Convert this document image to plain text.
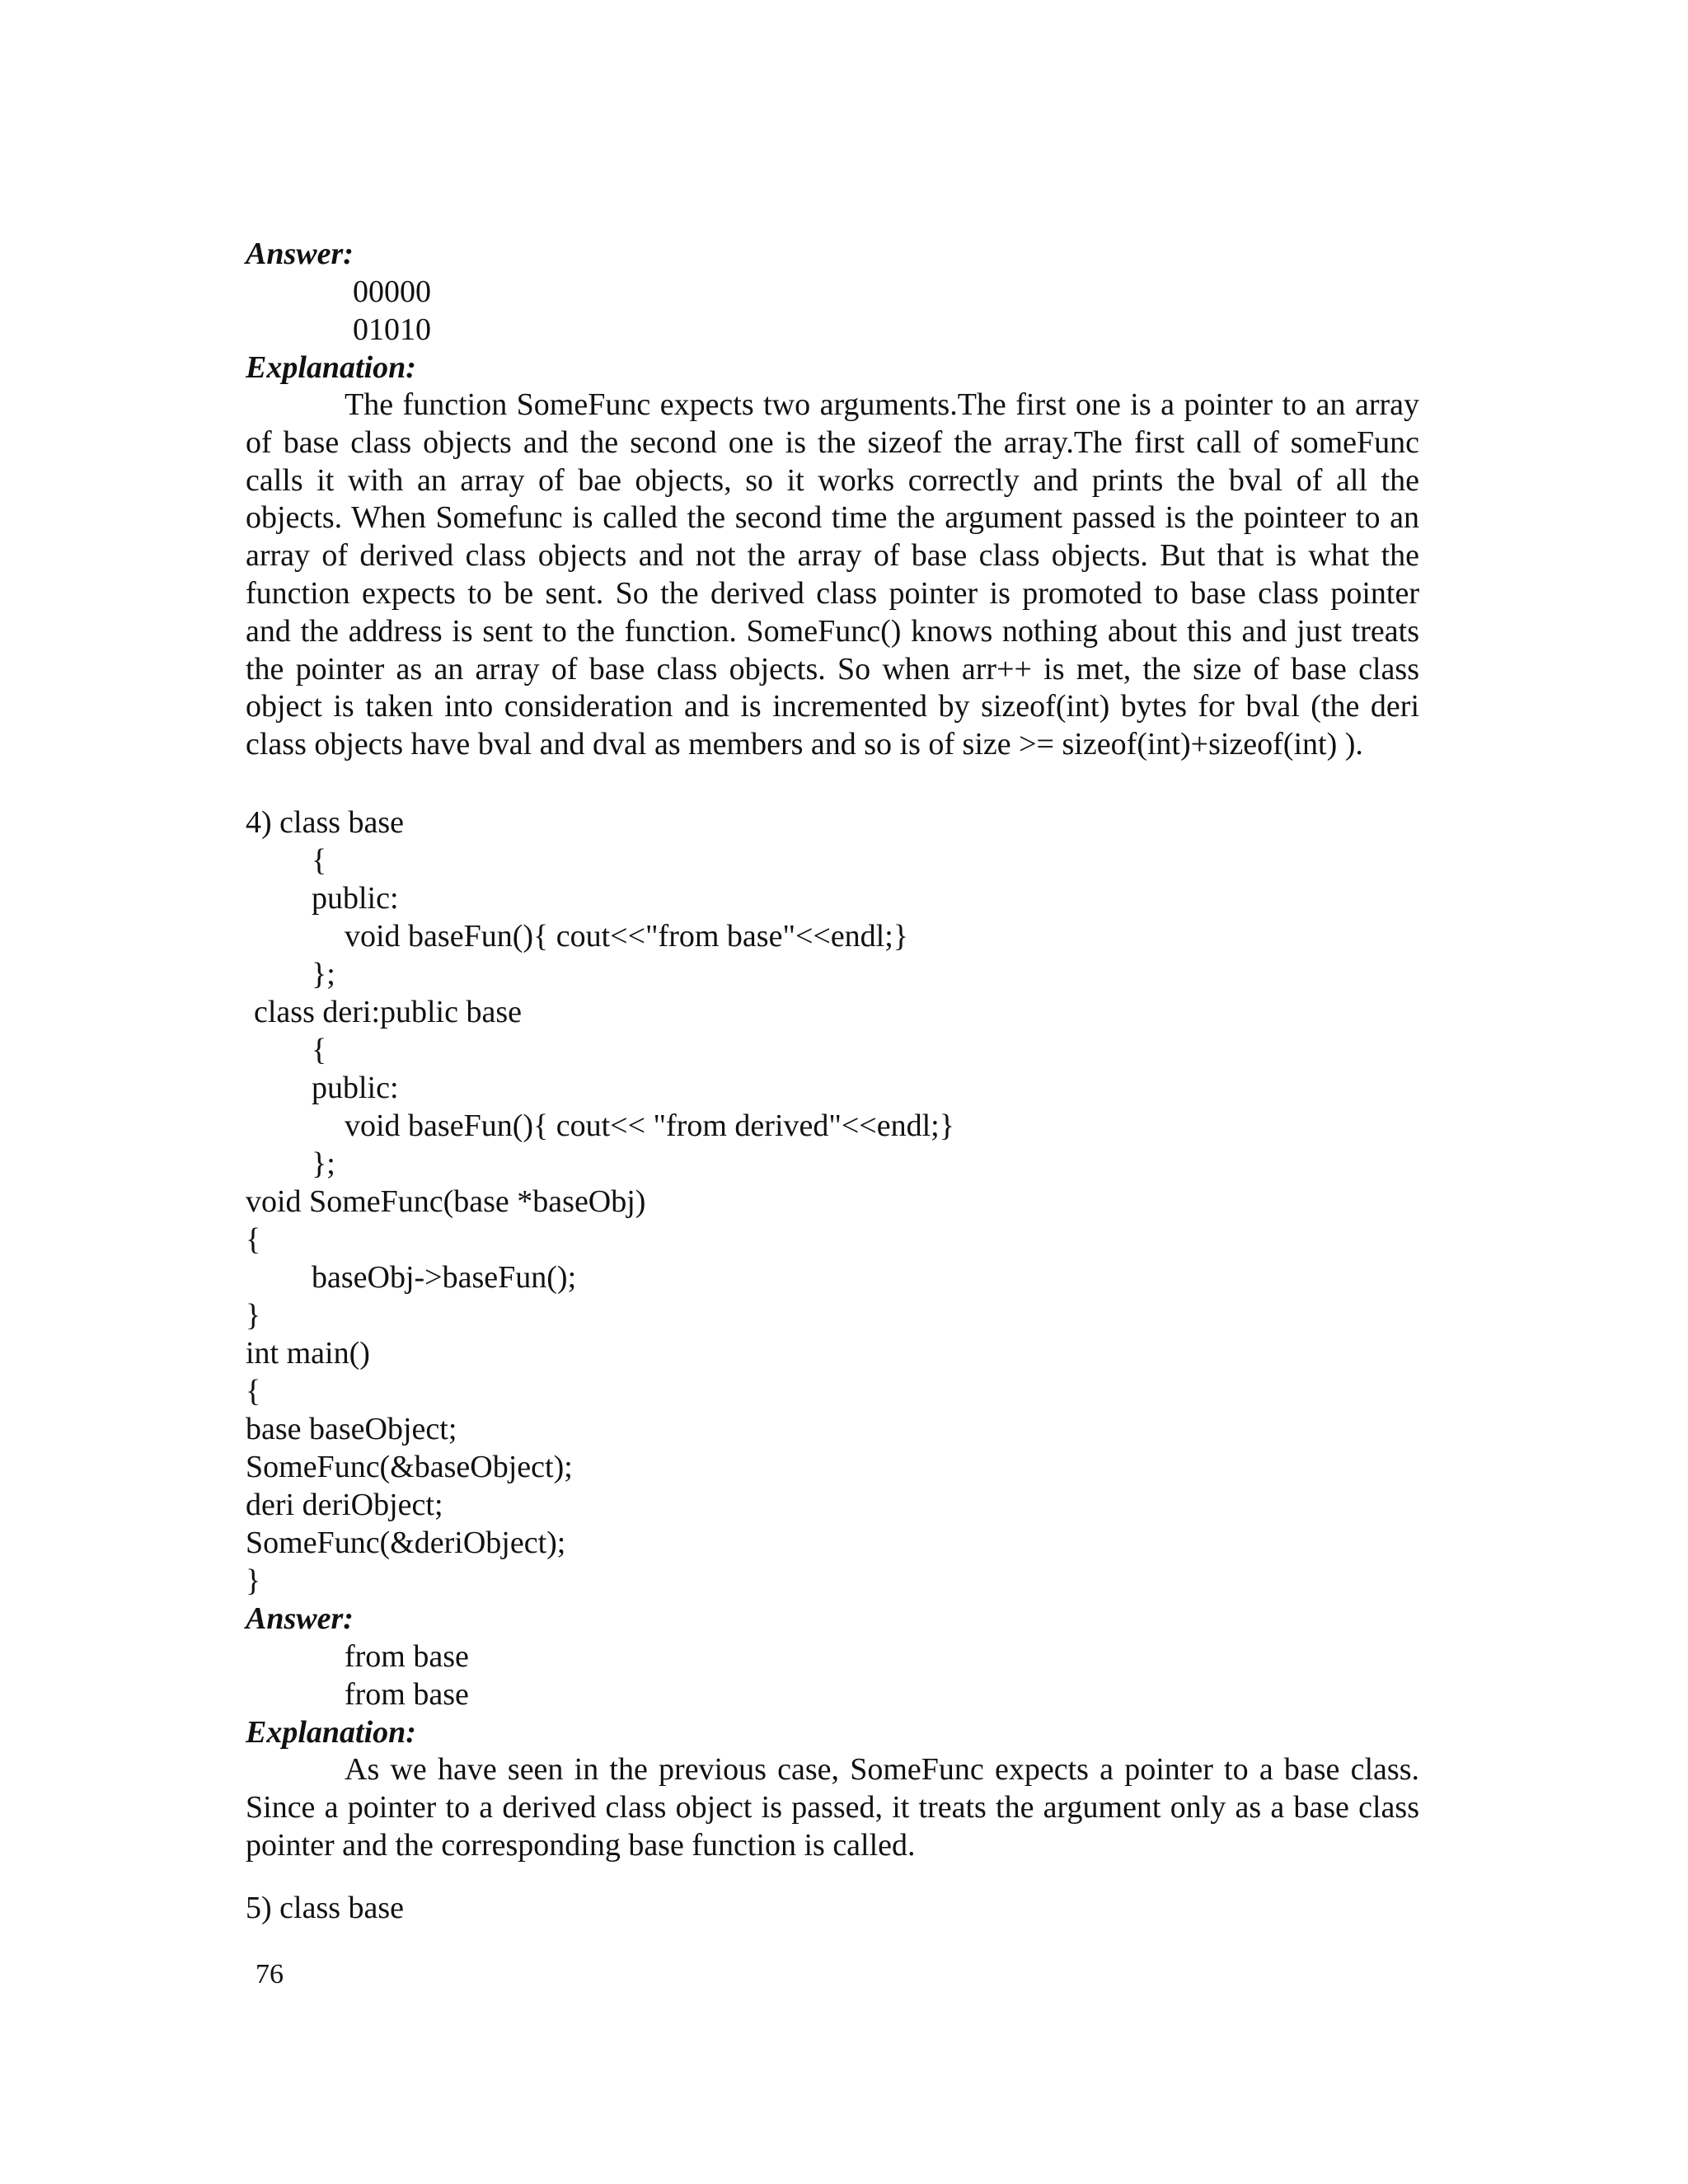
Answer:
00000
01010
Explanation:
The function SomeFunc expects two arguments.The first one is a pointer to an array
of base class objects and the second one is the sizeof the array.The first call of someFunc
calls it with an array of bae objects, so it works correctly and prints the bval of all the
objects. When Somefunc is called the second time the argument passed is the pointeer to an
array of derived class objects and not the array of base class objects. But that is what the
function expects to be sent. So the derived class pointer is promoted to base class pointer
and the address is sent to the function. SomeFunc() knows nothing about this and just treats
the pointer as an array of base class objects. So when arr++ is met, the size of base class
object is taken into consideration and is incremented by sizeof(int) bytes for bval (the deri
class objects have bval and dval as members and so is of size >= sizeof(int)+sizeof(int) ).
4) class base
{
public:
void baseFun(){ cout<<"from base"<<endl;}
};
class deri:public base
{
public:
void baseFun(){ cout<< "from derived"<<endl;}
};
void SomeFunc(base *baseObj)
{
baseObj->baseFun();
}
int main()
{
base baseObject;
SomeFunc(&baseObject);
deri deriObject;
SomeFunc(&deriObject);
}
Answer:
from base
from base
Explanation:
As we have seen in the previous case, SomeFunc expects a pointer to a base class.
Since a pointer to a derived class object is passed, it treats the argument only as a base class
pointer and the corresponding base function is called.
5) class base
76
